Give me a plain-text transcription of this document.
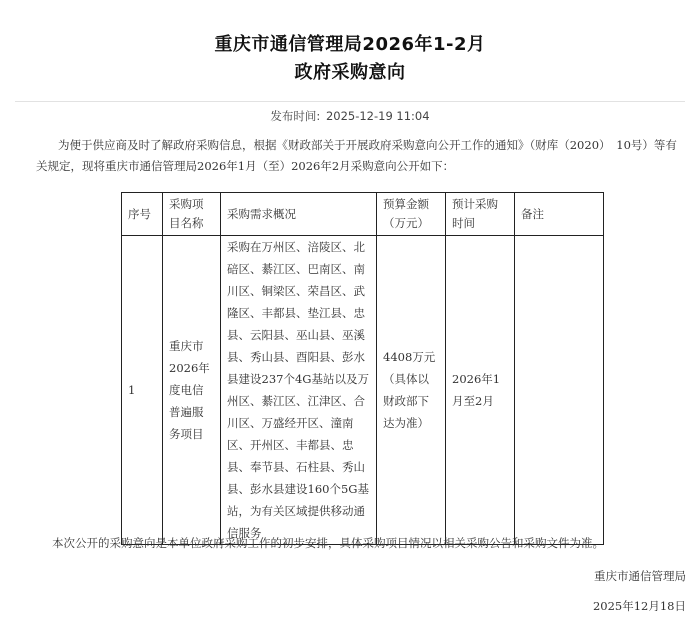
重庆市通信管理局2026年1-2月
政府采购意向
发布时间: 2025-12-19 11:04
为便于供应商及时了解政府采购信息，根据《财政部关于开展政府采购意向公开工作的通知》（财库（2020）　10号）等有关规定，现将重庆市通信管理局2026年1月（至）2026年2月采购意向公开如下：
序号	采购项目名称	采购需求概况	预算金额（万元）	预计采购时间	备注
1	重庆市2026年度电信普遍服务项目	采购在万州区、涪陵区、北碚区、綦江区、巴南区、南川区、铜梁区、荣昌区、武隆区、丰都县、垫江县、忠县、云阳县、巫山县、巫溪县、秀山县、酉阳县、彭水县建设237个4G基站以及万州区、綦江区、江津区、合川区、万盛经开区、潼南区、开州区、丰都县、忠县、奉节县、石柱县、秀山县、彭水县建设160个5G基站，为有关区域提供移动通信服务	4408万元（具体以财政部下达为准）	2026年1月至2月	
本次公开的采购意向是本单位政府采购工作的初步安排，具体采购项目情况以相关采购公告和采购文件为准。
重庆市通信管理局
2025年12月18日
